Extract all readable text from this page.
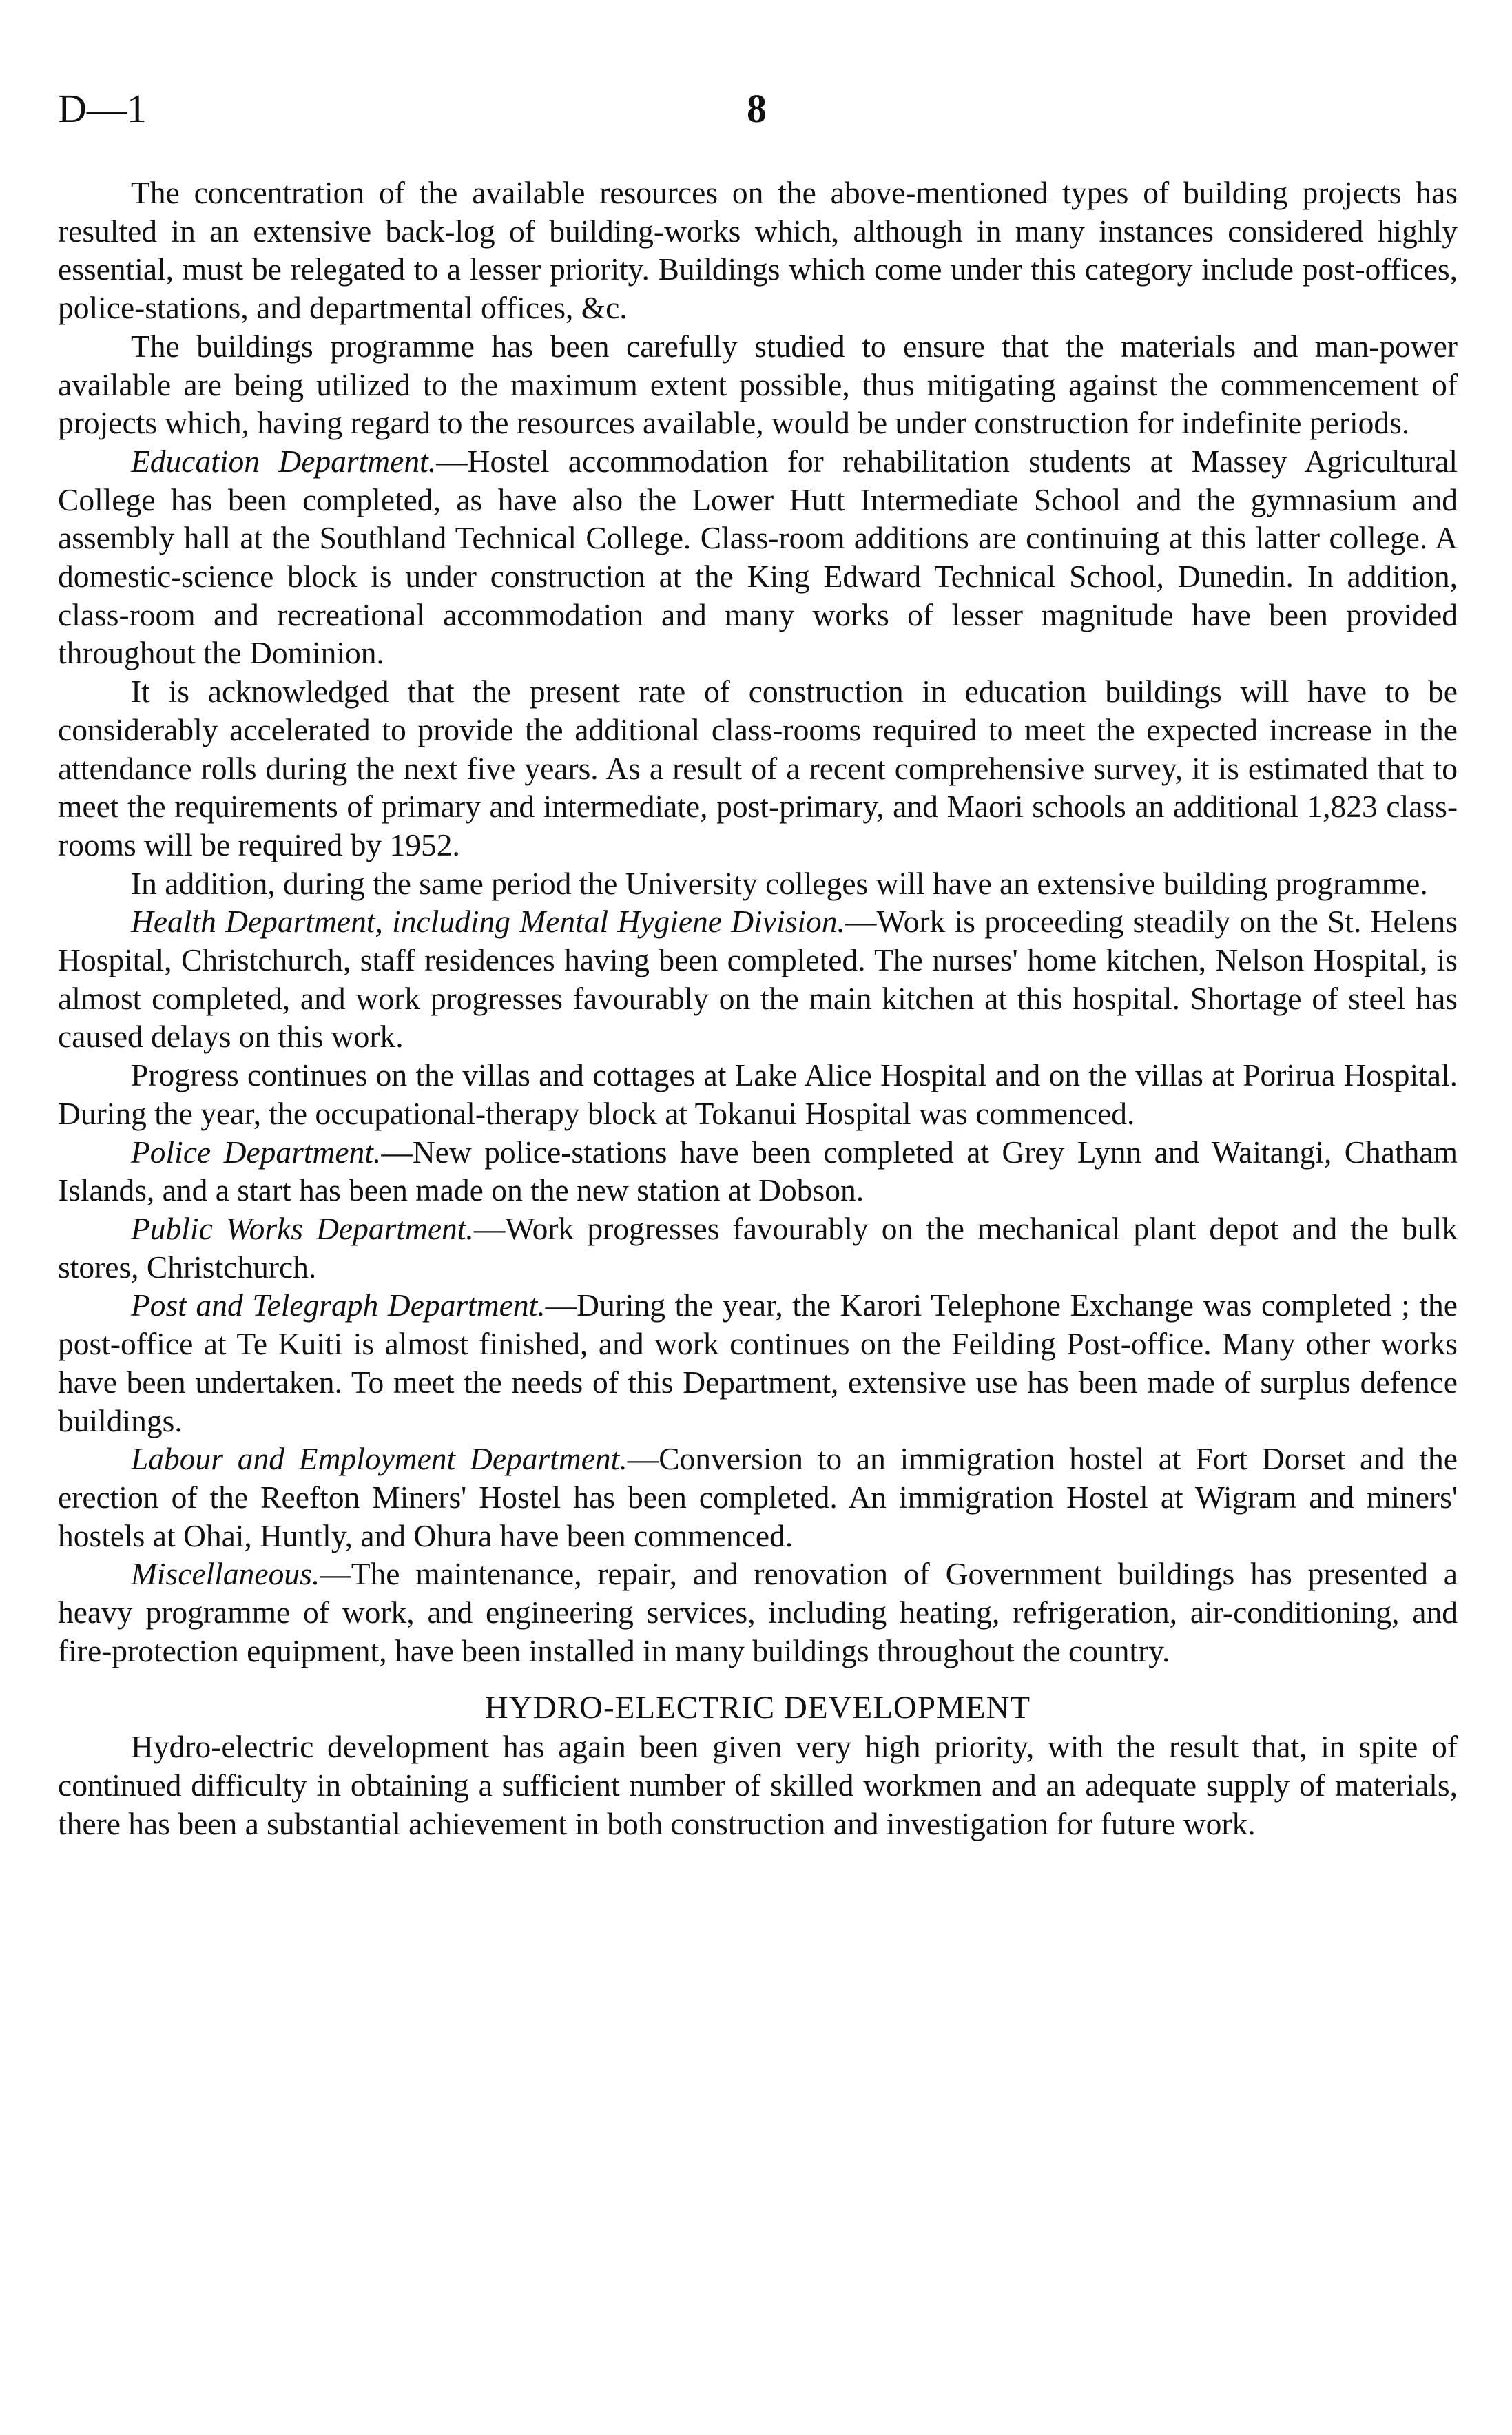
D—1	8

The concentration of the available resources on the above-mentioned types of building projects has resulted in an extensive back-log of building-works which, although in many instances considered highly essential, must be relegated to a lesser priority. Buildings which come under this category include post-offices, police-stations, and departmental offices, &c.

The buildings programme has been carefully studied to ensure that the materials and man-power available are being utilized to the maximum extent possible, thus mitigating against the commencement of projects which, having regard to the resources available, would be under construction for indefinite periods.

Education Department.—Hostel accommodation for rehabilitation students at Massey Agricultural College has been completed, as have also the Lower Hutt Intermediate School and the gymnasium and assembly hall at the Southland Technical College. Class-room additions are continuing at this latter college. A domestic-science block is under construction at the King Edward Technical School, Dunedin. In addition, class-room and recreational accommodation and many works of lesser magnitude have been provided throughout the Dominion.

It is acknowledged that the present rate of construction in education buildings will have to be considerably accelerated to provide the additional class-rooms required to meet the expected increase in the attendance rolls during the next five years. As a result of a recent comprehensive survey, it is estimated that to meet the requirements of primary and intermediate, post-primary, and Maori schools an additional 1,823 class-rooms will be required by 1952.

In addition, during the same period the University colleges will have an extensive building programme.

Health Department, including Mental Hygiene Division.—Work is proceeding steadily on the St. Helens Hospital, Christchurch, staff residences having been completed. The nurses' home kitchen, Nelson Hospital, is almost completed, and work progresses favourably on the main kitchen at this hospital. Shortage of steel has caused delays on this work.

Progress continues on the villas and cottages at Lake Alice Hospital and on the villas at Porirua Hospital. During the year, the occupational-therapy block at Tokanui Hospital was commenced.

Police Department.—New police-stations have been completed at Grey Lynn and Waitangi, Chatham Islands, and a start has been made on the new station at Dobson.

Public Works Department.—Work progresses favourably on the mechanical plant depot and the bulk stores, Christchurch.

Post and Telegraph Department.—During the year, the Karori Telephone Exchange was completed ; the post-office at Te Kuiti is almost finished, and work continues on the Feilding Post-office. Many other works have been undertaken. To meet the needs of this Department, extensive use has been made of surplus defence buildings.

Labour and Employment Department.—Conversion to an immigration hostel at Fort Dorset and the erection of the Reefton Miners' Hostel has been completed. An immigration Hostel at Wigram and miners' hostels at Ohai, Huntly, and Ohura have been commenced.

Miscellaneous.—The maintenance, repair, and renovation of Government buildings has presented a heavy programme of work, and engineering services, including heating, refrigeration, air-conditioning, and fire-protection equipment, have been installed in many buildings throughout the country.

HYDRO-ELECTRIC DEVELOPMENT

Hydro-electric development has again been given very high priority, with the result that, in spite of continued difficulty in obtaining a sufficient number of skilled workmen and an adequate supply of materials, there has been a substantial achievement in both construction and investigation for future work.
